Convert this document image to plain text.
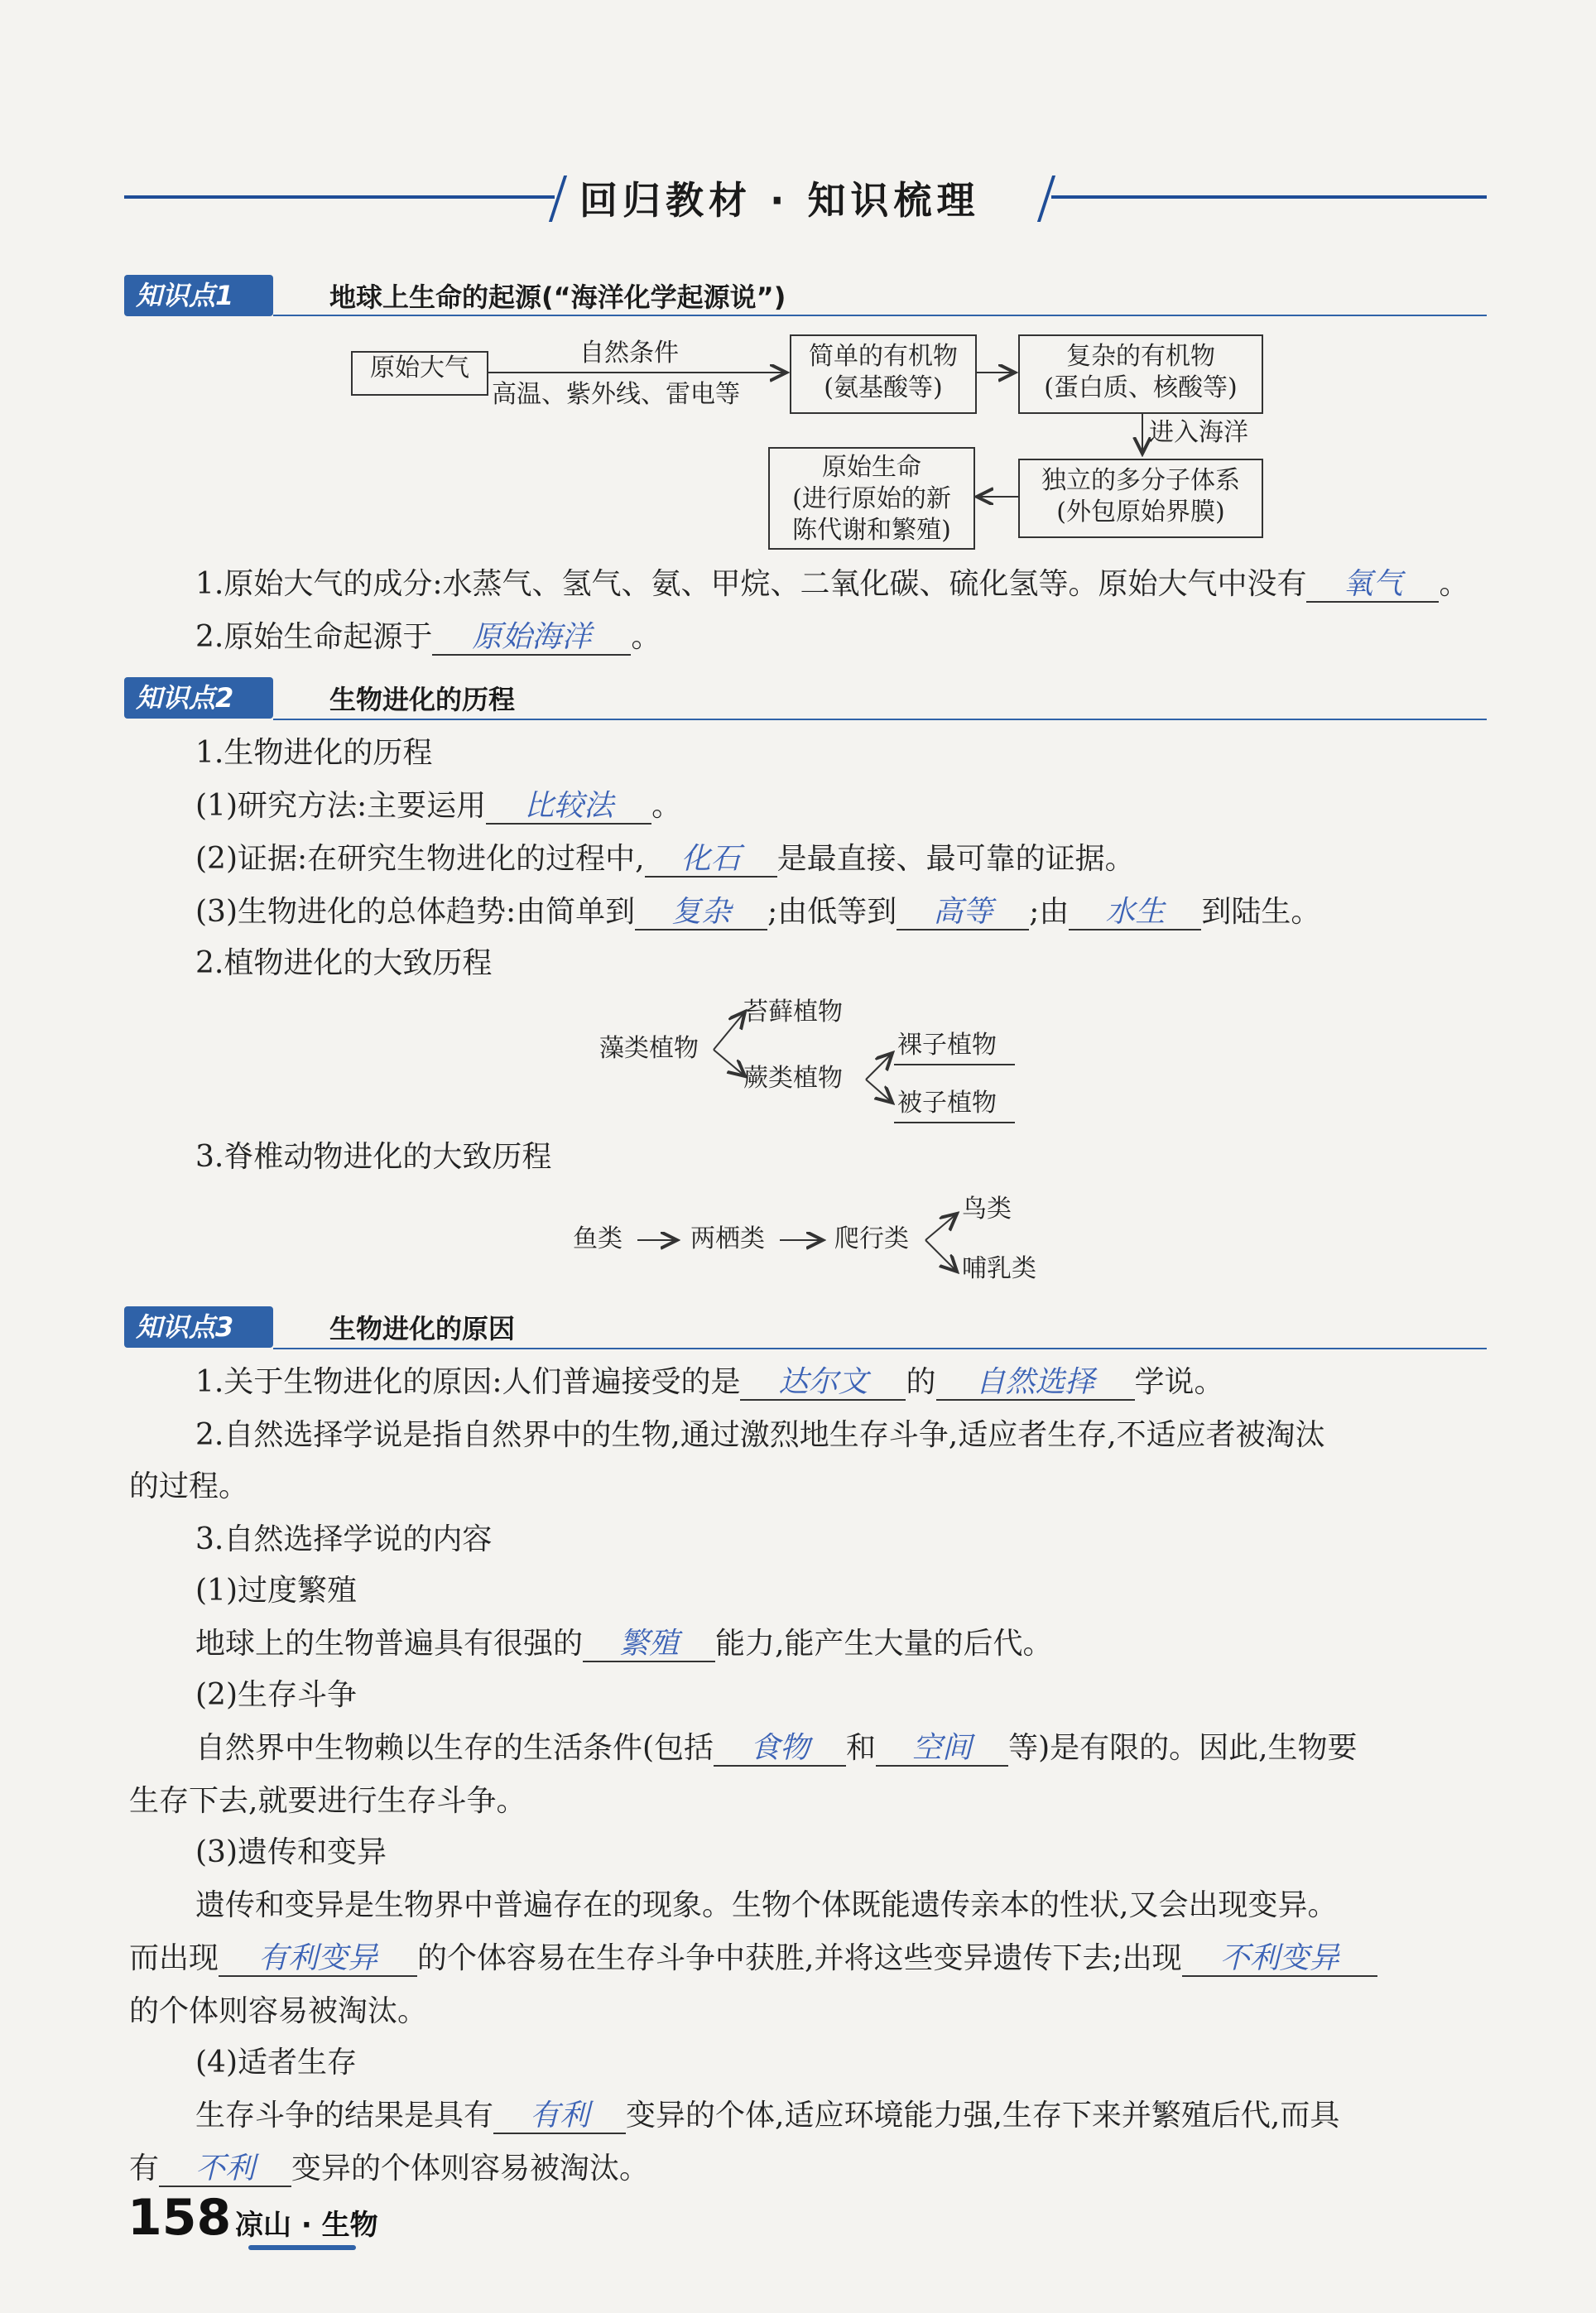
回归教材 · 知识梳理
知识点1	地球上生命的起源(“海洋化学起源说”)
原始大气
自然条件
高温、紫外线、雷电等
简单的有机物
(氨基酸等)
复杂的有机物
(蛋白质、核酸等)
进入海洋
独立的多分子体系
(外包原始界膜)
原始生命
(进行原始的新
陈代谢和繁殖)
1.原始大气的成分:水蒸气、氢气、氨、甲烷、二氧化碳、硫化氢等。原始大气中没有 氧气 。
2.原始生命起源于 原始海洋 。
知识点2	生物进化的历程
1.生物进化的历程
(1)研究方法:主要运用 比较法 。
(2)证据:在研究生物进化的过程中, 化石 是最直接、最可靠的证据。
(3)生物进化的总体趋势:由简单到 复杂 ;由低等到 高等 ;由 水生 到陆生。
2.植物进化的大致历程
藻类植物
苔藓植物
蕨类植物
裸子植物
被子植物
3.脊椎动物进化的大致历程
鱼类	两栖类	爬行类
鸟类
哺乳类
知识点3	生物进化的原因
1.关于生物进化的原因:人们普遍接受的是 达尔文 的 自然选择 学说。
2.自然选择学说是指自然界中的生物,通过激烈地生存斗争,适应者生存,不适应者被淘汰
的过程。
3.自然选择学说的内容
(1)过度繁殖
地球上的生物普遍具有很强的 繁殖 能力,能产生大量的后代。
(2)生存斗争
自然界中生物赖以生存的生活条件(包括 食物 和 空间 等)是有限的。因此,生物要
生存下去,就要进行生存斗争。
(3)遗传和变异
遗传和变异是生物界中普遍存在的现象。生物个体既能遗传亲本的性状,又会出现变异。
而出现 有利变异 的个体容易在生存斗争中获胜,并将这些变异遗传下去;出现 不利变异
的个体则容易被淘汰。
(4)适者生存
生存斗争的结果是具有 有利 变异的个体,适应环境能力强,生存下来并繁殖后代,而具
有 不利 变异的个体则容易被淘汰。
158 凉山 · 生物
